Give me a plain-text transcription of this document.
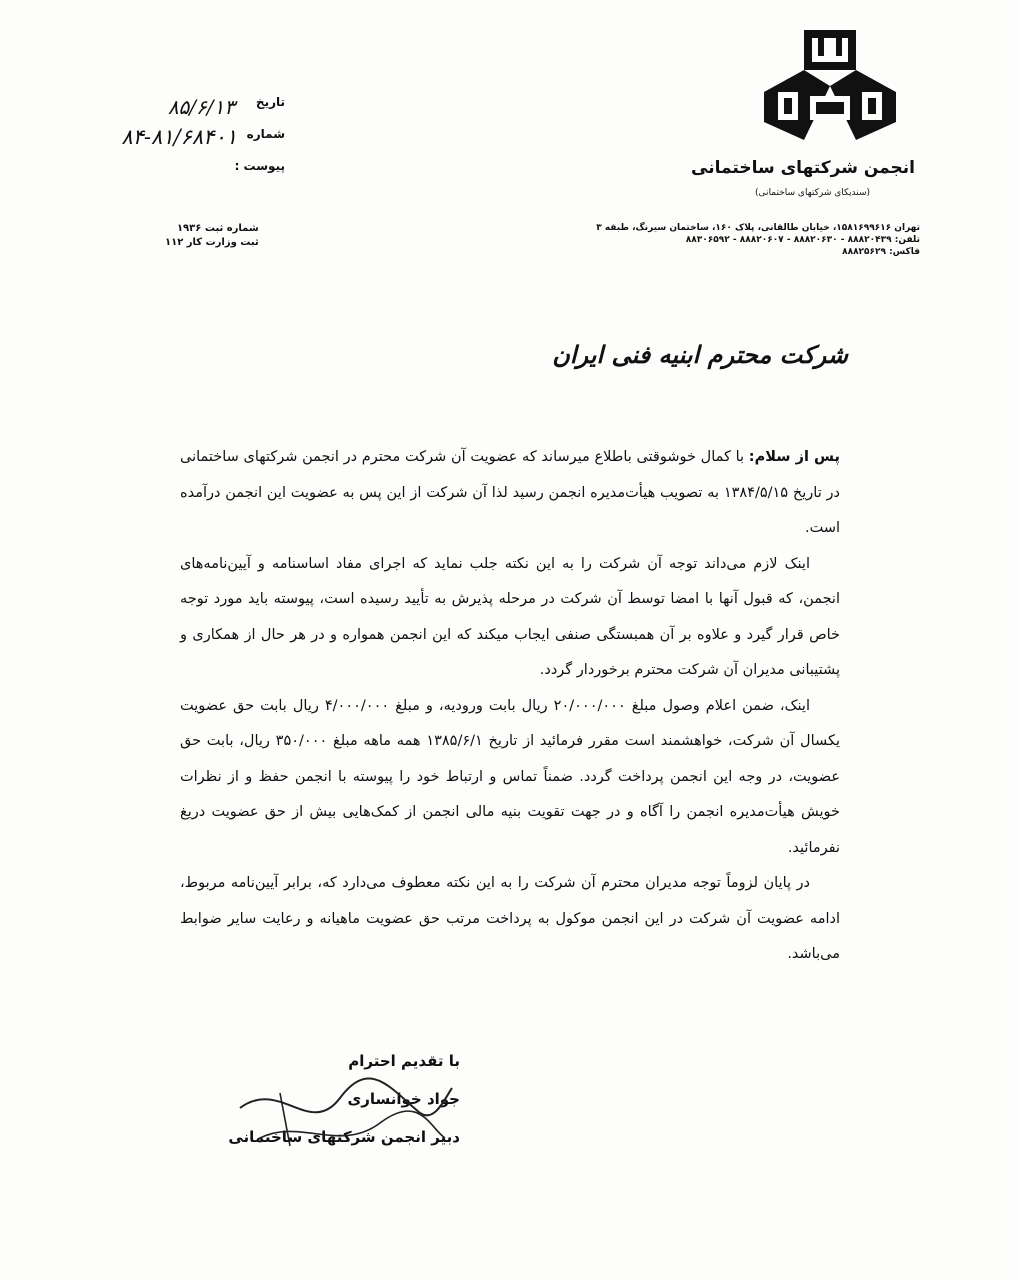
انجمن شرکتهای ساختمانی
(سندیکای شرکتهای ساختمانی)
تهران ۱۵۸۱۶۹۹۶۱۶، خیابان طالقانی، پلاک ۱۶۰، ساختمان سیرنگ، طبقه ۳
تلفن: ۸۸۸۲۰۴۳۹ - ۸۸۸۲۰۶۳۰ - ۸۸۸۲۰۶۰۷ - ۸۸۳۰۶۵۹۲
فاکس: ۸۸۸۲۵۶۲۹
تاریخ
۸۵/۶/۱۳
شماره
۸۴-۸۱/۶۸۴۰۱
پیوست :
شماره ثبت ۱۹۳۶
ثبت وزارت کار ۱۱۲
شرکت محترم ابنیه فنی ایران

پس از سلام: با کمال خوشوقتی باطلاع میرساند که عضویت آن شرکت محترم در انجمن شرکتهای ساختمانی در تاریخ ۱۳۸۴/۵/۱۵ به تصویب هیأت‌مدیره انجمن رسید لذا آن شرکت از این پس به عضویت این انجمن درآمده است.

اینک لازم می‌داند توجه آن شرکت را به این نکته جلب نماید که اجرای مفاد اساسنامه و آیین‌نامه‌های انجمن، که قبول آنها با امضا توسط آن شرکت در مرحله پذیرش به تأیید رسیده است، پیوسته باید مورد توجه خاص قرار گیرد و علاوه بر آن همبستگی صنفی ایجاب میکند که این انجمن همواره و در هر حال از همکاری و پشتیبانی مدیران آن شرکت محترم برخوردار گردد.

اینک، ضمن اعلام وصول مبلغ ۲۰/۰۰۰/۰۰۰ ریال بابت ورودیه، و مبلغ ۴/۰۰۰/۰۰۰ ریال بابت حق عضویت یکسال آن شرکت، خواهشمند است مقرر فرمائید از تاریخ ۱۳۸۵/۶/۱ همه ماهه مبلغ ۳۵۰/۰۰۰ ریال، بابت حق عضویت، در وجه این انجمن پرداخت گردد. ضمناً تماس و ارتباط خود را پیوسته با انجمن حفظ و از نظرات خویش هیأت‌مدیره انجمن را آگاه و در جهت تقویت بنیه مالی انجمن از کمک‌هایی بیش از حق عضویت دریغ نفرمائید.

در پایان لزوماً توجه مدیران محترم آن شرکت را به این نکته معطوف می‌دارد که، برابر آیین‌نامه مربوط، ادامه عضویت آن شرکت در این انجمن موکول به پرداخت مرتب حق عضویت ماهیانه و رعایت سایر ضوابط می‌باشد.

با تقدیم احترام
جواد خوانساری
دبیر انجمن شرکتهای ساختمانی
